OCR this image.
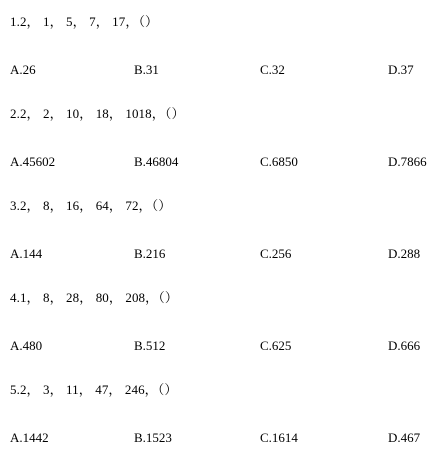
1.2， 1， 5， 7， 17，（）
A.26	B.31	C.32	D.37
2.2， 2， 10， 18， 1018，（）
A.45602	B.46804	C.6850	D.7866
3.2， 8， 16， 64， 72，（）
A.144	B.216	C.256	D.288
4.1， 8， 28， 80， 208，（）
A.480	B.512	C.625	D.666
5.2， 3， 11， 47， 246，（）
A.1442	B.1523	C.1614	D.467
